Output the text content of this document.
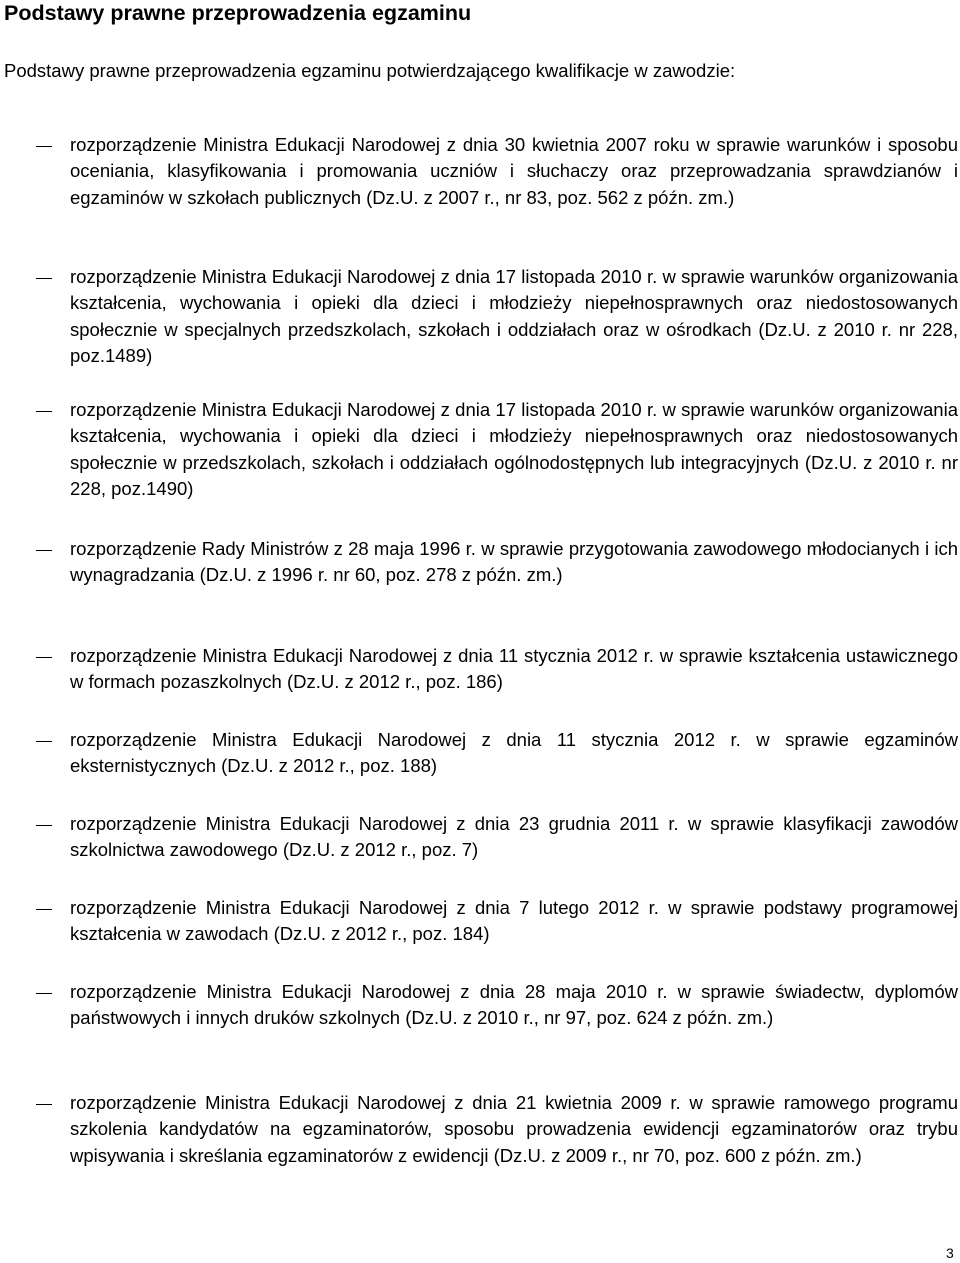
Podstawy prawne przeprowadzenia egzaminu

Podstawy prawne przeprowadzenia egzaminu potwierdzającego kwalifikacje w zawodzie:

rozporządzenie Ministra Edukacji Narodowej z dnia 30 kwietnia 2007 roku w sprawie warunków i sposobu oceniania, klasyfikowania i promowania uczniów i słuchaczy oraz przeprowadzania sprawdzianów i egzaminów w szkołach publicznych (Dz.U. z 2007 r., nr 83, poz. 562 z późn. zm.)

rozporządzenie Ministra Edukacji Narodowej z dnia 17 listopada 2010 r. w sprawie warunków organizowania kształcenia, wychowania i opieki dla dzieci i młodzieży niepełnosprawnych oraz niedostosowanych społecznie w specjalnych przedszkolach, szkołach i oddziałach oraz w ośrodkach (Dz.U. z 2010 r. nr 228, poz.1489)

rozporządzenie Ministra Edukacji Narodowej z dnia 17 listopada 2010 r. w sprawie warunków organizowania kształcenia, wychowania i opieki dla dzieci i młodzieży niepełnosprawnych oraz niedostosowanych społecznie w przedszkolach, szkołach i oddziałach ogólnodostępnych lub integracyjnych (Dz.U. z 2010 r. nr 228, poz.1490)

rozporządzenie Rady Ministrów z 28 maja 1996 r. w sprawie przygotowania zawodowego młodocianych i ich wynagradzania (Dz.U. z 1996 r. nr 60, poz. 278 z późn. zm.)

rozporządzenie Ministra Edukacji Narodowej z dnia 11 stycznia 2012 r. w sprawie kształcenia ustawicznego w formach pozaszkolnych (Dz.U. z 2012 r., poz. 186)

rozporządzenie Ministra Edukacji Narodowej z dnia 11 stycznia 2012 r. w sprawie egzaminów eksternistycznych (Dz.U. z 2012 r., poz. 188)

rozporządzenie Ministra Edukacji Narodowej z dnia 23 grudnia 2011 r. w sprawie klasyfikacji zawodów szkolnictwa zawodowego (Dz.U. z 2012 r., poz. 7)

rozporządzenie Ministra Edukacji Narodowej z dnia 7 lutego 2012 r. w sprawie podstawy programowej kształcenia w zawodach (Dz.U. z 2012 r., poz. 184)

rozporządzenie Ministra Edukacji Narodowej z dnia 28 maja 2010 r. w sprawie świadectw, dyplomów państwowych i innych druków szkolnych (Dz.U. z 2010 r., nr 97, poz. 624 z późn. zm.)

rozporządzenie Ministra Edukacji Narodowej z dnia 21 kwietnia 2009 r. w sprawie ramowego programu szkolenia kandydatów na egzaminatorów, sposobu prowadzenia ewidencji egzaminatorów oraz trybu wpisywania i skreślania egzaminatorów z ewidencji (Dz.U. z 2009 r., nr 70, poz. 600 z późn. zm.)

3
